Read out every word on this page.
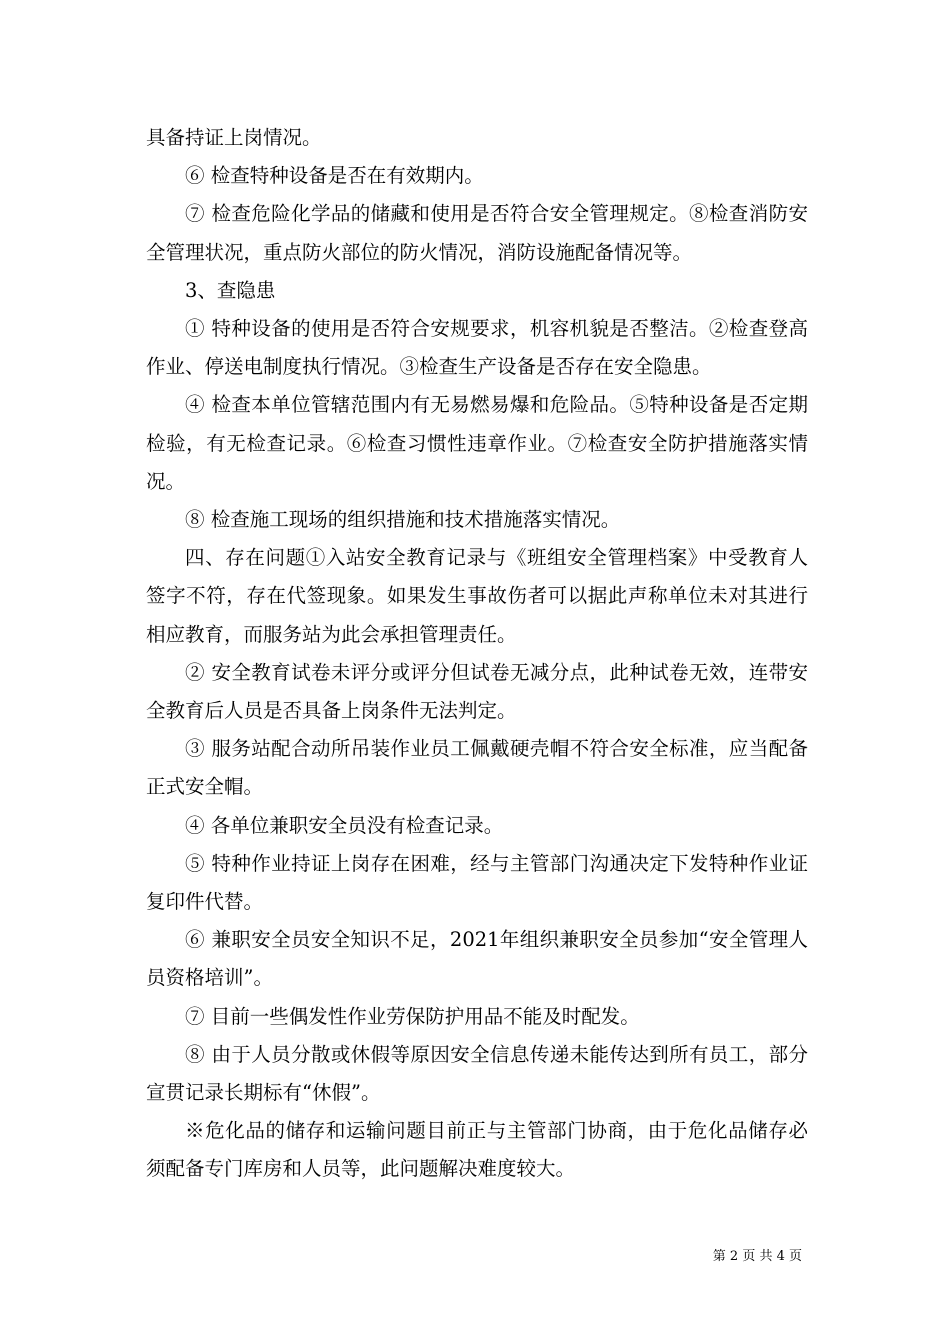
具备持证上岗情况。

⑥ 检查特种设备是否在有效期内。

⑦ 检查危险化学品的储藏和使用是否符合安全管理规定。⑧检查消防安全管理状况，重点防火部位的防火情况，消防设施配备情况等。

3、查隐患

① 特种设备的使用是否符合安规要求，机容机貌是否整洁。②检查登高作业、停送电制度执行情况。③检查生产设备是否存在安全隐患。

④ 检查本单位管辖范围内有无易燃易爆和危险品。⑤特种设备是否定期检验，有无检查记录。⑥检查习惯性违章作业。⑦检查安全防护措施落实情况。

⑧ 检查施工现场的组织措施和技术措施落实情况。

四、存在问题①入站安全教育记录与《班组安全管理档案》中受教育人签字不符，存在代签现象。如果发生事故伤者可以据此声称单位未对其进行相应教育，而服务站为此会承担管理责任。

② 安全教育试卷未评分或评分但试卷无减分点，此种试卷无效，连带安全教育后人员是否具备上岗条件无法判定。

③ 服务站配合动所吊装作业员工佩戴硬壳帽不符合安全标准，应当配备正式安全帽。

④ 各单位兼职安全员没有检查记录。

⑤ 特种作业持证上岗存在困难，经与主管部门沟通决定下发特种作业证复印件代替。

⑥ 兼职安全员安全知识不足，2021年组织兼职安全员参加“安全管理人员资格培训”。

⑦ 目前一些偶发性作业劳保防护用品不能及时配发。

⑧ 由于人员分散或休假等原因安全信息传递未能传达到所有员工，部分宣贯记录长期标有“休假”。

※危化品的储存和运输问题目前正与主管部门协商，由于危化品储存必须配备专门库房和人员等，此问题解决难度较大。

第 2 页 共 4 页
